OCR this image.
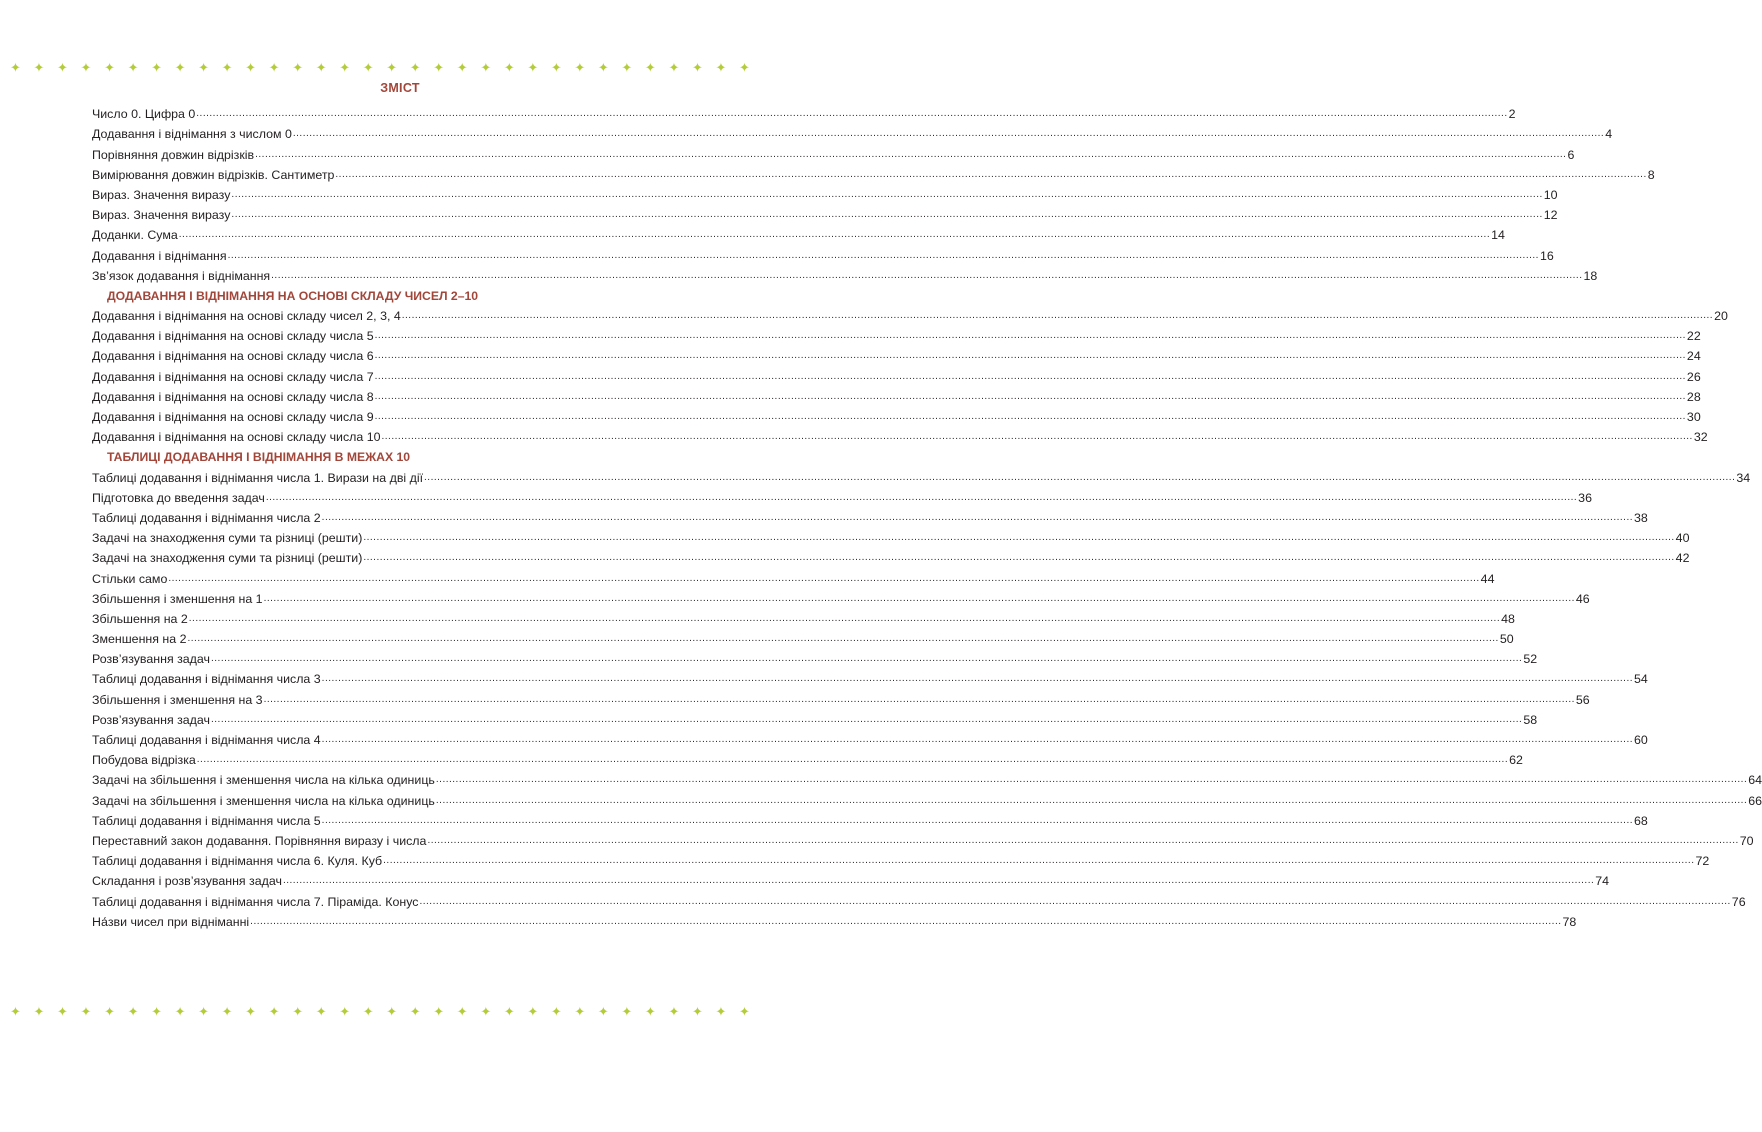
✦ ✦ ✦ ✦ ✦ ✦ ✦ ✦ ✦ ✦ ✦ ✦ ✦ ✦ ✦ ✦ ✦ ✦ ✦ ✦ ✦ ✦ ✦ ✦ ✦ ✦ ✦ ✦ ✦ ✦ ✦ ✦
ЗМІСТ
Число 0. Цифра 0 ................................................................................................................................................................................................................................................................................................................................................................................................................ 2
Додавання і віднімання з числом 0 ................................................................................................................................................................................................................................................................................................................................................................................................................ 4
Порівняння довжин відрізків ................................................................................................................................................................................................................................................................................................................................................................................................................ 6
Вимірювання довжин відрізків. Сантиметр ................................................................................................................................................................................................................................................................................................................................................................................................................ 8
Вираз. Значення виразу ................................................................................................................................................................................................................................................................................................................................................................................................................ 10
Вираз. Значення виразу ................................................................................................................................................................................................................................................................................................................................................................................................................ 12
Доданки. Сума ................................................................................................................................................................................................................................................................................................................................................................................................................ 14
Додавання і віднімання ................................................................................................................................................................................................................................................................................................................................................................................................................ 16
Зв’язок додавання і віднімання ................................................................................................................................................................................................................................................................................................................................................................................................................ 18
ДОДАВАННЯ І ВІДНІМАННЯ НА ОСНОВІ СКЛАДУ ЧИСЕЛ 2–10
Додавання і віднімання на основі складу чисел 2, 3, 4 ................................................................................................................................................................................................................................................................................................................................................................................................................ 20
Додавання і віднімання на основі складу числа 5 ................................................................................................................................................................................................................................................................................................................................................................................................................ 22
Додавання і віднімання на основі складу числа 6 ................................................................................................................................................................................................................................................................................................................................................................................................................ 24
Додавання і віднімання на основі складу числа 7 ................................................................................................................................................................................................................................................................................................................................................................................................................ 26
Додавання і віднімання на основі складу числа 8 ................................................................................................................................................................................................................................................................................................................................................................................................................ 28
Додавання і віднімання на основі складу числа 9 ................................................................................................................................................................................................................................................................................................................................................................................................................ 30
Додавання і віднімання на основі складу числа 10 ................................................................................................................................................................................................................................................................................................................................................................................................................ 32
ТАБЛИЦІ ДОДАВАННЯ І ВІДНІМАННЯ В МЕЖАХ 10
Таблиці додавання і віднімання числа 1. Вирази на дві дії ................................................................................................................................................................................................................................................................................................................................................................................................................ 34
Підготовка до введення задач ................................................................................................................................................................................................................................................................................................................................................................................................................ 36
Таблиці додавання і віднімання числа 2 ................................................................................................................................................................................................................................................................................................................................................................................................................ 38
Задачі на знаходження суми та різниці (решти) ................................................................................................................................................................................................................................................................................................................................................................................................................ 40
Задачі на знаходження суми та різниці (решти) ................................................................................................................................................................................................................................................................................................................................................................................................................ 42
Стільки само ................................................................................................................................................................................................................................................................................................................................................................................................................ 44
Збільшення і зменшення на 1 ................................................................................................................................................................................................................................................................................................................................................................................................................ 46
Збільшення на 2 ................................................................................................................................................................................................................................................................................................................................................................................................................ 48
Зменшення на 2 ................................................................................................................................................................................................................................................................................................................................................................................................................ 50
Розв’язування задач ................................................................................................................................................................................................................................................................................................................................................................................................................ 52
Таблиці додавання і віднімання числа 3 ................................................................................................................................................................................................................................................................................................................................................................................................................ 54
Збільшення і зменшення на 3 ................................................................................................................................................................................................................................................................................................................................................................................................................ 56
Розв’язування задач ................................................................................................................................................................................................................................................................................................................................................................................................................ 58
Таблиці додавання і віднімання числа 4 ................................................................................................................................................................................................................................................................................................................................................................................................................ 60
Побудова відрізка ................................................................................................................................................................................................................................................................................................................................................................................................................ 62
Задачі на збільшення і зменшення числа на кілька одиниць ................................................................................................................................................................................................................................................................................................................................................................................................................ 64
Задачі на збільшення і зменшення числа на кілька одиниць ................................................................................................................................................................................................................................................................................................................................................................................................................ 66
Таблиці додавання і віднімання числа 5 ................................................................................................................................................................................................................................................................................................................................................................................................................ 68
Переставний закон додавання. Порівняння виразу і числа ................................................................................................................................................................................................................................................................................................................................................................................................................ 70
Таблиці додавання і віднімання числа 6. Куля. Куб ................................................................................................................................................................................................................................................................................................................................................................................................................ 72
Складання і розв’язування задач ................................................................................................................................................................................................................................................................................................................................................................................................................ 74
Таблиці додавання і віднімання числа 7. Піраміда. Конус ................................................................................................................................................................................................................................................................................................................................................................................................................ 76
На́зви чисел при відніманні ................................................................................................................................................................................................................................................................................................................................................................................................................ 78
✦ ✦ ✦ ✦ ✦ ✦ ✦ ✦ ✦ ✦ ✦ ✦ ✦ ✦ ✦ ✦ ✦ ✦ ✦ ✦ ✦ ✦ ✦ ✦ ✦ ✦ ✦ ✦ ✦ ✦ ✦ ✦
